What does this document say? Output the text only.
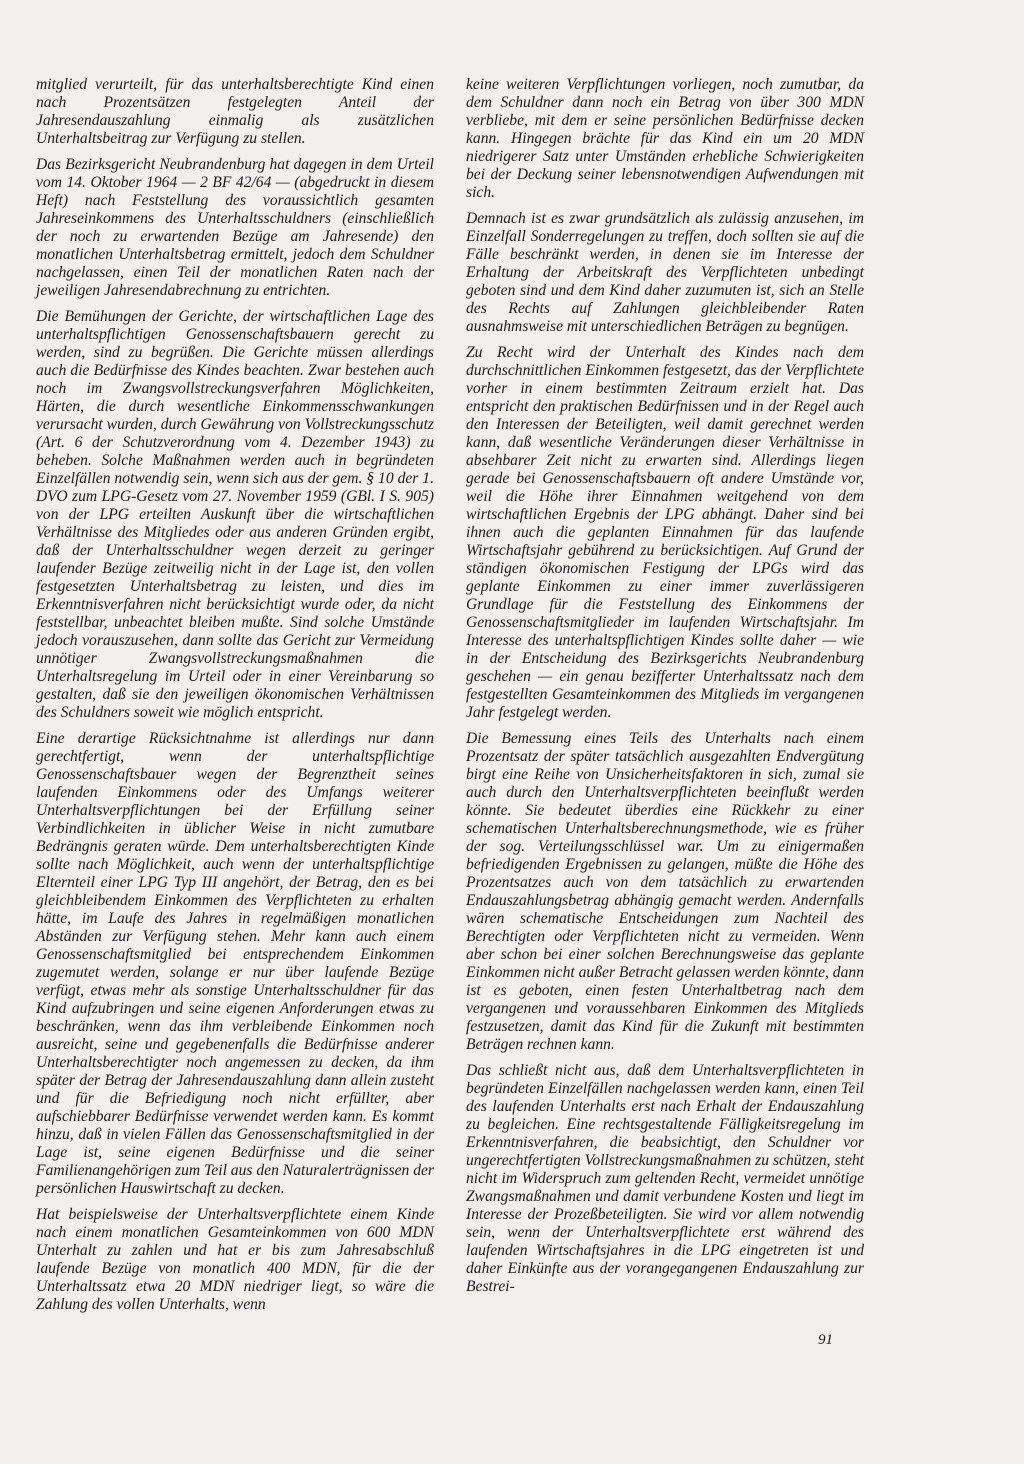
mitglied verurteilt, für das unterhaltsberechtigte Kind einen nach Prozentsätzen festgelegten Anteil der Jahresendauszahlung einmalig als zusätzlichen Unterhaltsbeitrag zur Verfügung zu stellen.

Das Bezirksgericht Neubrandenburg hat dagegen in dem Urteil vom 14. Oktober 1964 — 2 BF 42/64 — (abgedruckt in diesem Heft) nach Feststellung des voraussichtlich gesamten Jahreseinkommens des Unterhaltsschuldners (einschließlich der noch zu erwartenden Bezüge am Jahresende) den monatlichen Unterhaltsbetrag ermittelt, jedoch dem Schuldner nachgelassen, einen Teil der monatlichen Raten nach der jeweiligen Jahresendabrechnung zu entrichten.

Die Bemühungen der Gerichte, der wirtschaftlichen Lage des unterhaltspflichtigen Genossenschaftsbauern gerecht zu werden, sind zu begrüßen. Die Gerichte müssen allerdings auch die Bedürfnisse des Kindes beachten. Zwar bestehen auch noch im Zwangsvollstreckungsverfahren Möglichkeiten, Härten, die durch wesentliche Einkommensschwankungen verursacht wurden, durch Gewährung von Vollstreckungsschutz (Art. 6 der Schutzverordnung vom 4. Dezember 1943) zu beheben. Solche Maßnahmen werden auch in begründeten Einzelfällen notwendig sein, wenn sich aus der gem. § 10 der 1. DVO zum LPG-Gesetz vom 27. November 1959 (GBl. I S. 905) von der LPG erteilten Auskunft über die wirtschaftlichen Verhältnisse des Mitgliedes oder aus anderen Gründen ergibt, daß der Unterhaltsschuldner wegen derzeit zu geringer laufender Bezüge zeitweilig nicht in der Lage ist, den vollen festgesetzten Unterhaltsbetrag zu leisten, und dies im Erkenntnisverfahren nicht berücksichtigt wurde oder, da nicht feststellbar, unbeachtet bleiben mußte. Sind solche Umstände jedoch vorauszusehen, dann sollte das Gericht zur Vermeidung unnötiger Zwangsvollstreckungsmaßnahmen die Unterhaltsregelung im Urteil oder in einer Vereinbarung so gestalten, daß sie den jeweiligen ökonomischen Verhältnissen des Schuldners soweit wie möglich entspricht.

Eine derartige Rücksichtnahme ist allerdings nur dann gerechtfertigt, wenn der unterhaltspflichtige Genossenschaftsbauer wegen der Begrenztheit seines laufenden Einkommens oder des Umfangs weiterer Unterhaltsverpflichtungen bei der Erfüllung seiner Verbindlichkeiten in üblicher Weise in nicht zumutbare Bedrängnis geraten würde. Dem unterhaltsberechtigten Kinde sollte nach Möglichkeit, auch wenn der unterhaltspflichtige Elternteil einer LPG Typ III angehört, der Betrag, den es bei gleichbleibendem Einkommen des Verpflichteten zu erhalten hätte, im Laufe des Jahres in regelmäßigen monatlichen Abständen zur Verfügung stehen. Mehr kann auch einem Genossenschaftsmitglied bei entsprechendem Einkommen zugemutet werden, solange er nur über laufende Bezüge verfügt, etwas mehr als sonstige Unterhaltsschuldner für das Kind aufzubringen und seine eigenen Anforderungen etwas zu beschränken, wenn das ihm verbleibende Einkommen noch ausreicht, seine und gegebenenfalls die Bedürfnisse anderer Unterhaltsberechtigter noch angemessen zu decken, da ihm später der Betrag der Jahresendauszahlung dann allein zusteht und für die Befriedigung noch nicht erfüllter, aber aufschiebbarer Bedürfnisse verwendet werden kann. Es kommt hinzu, daß in vielen Fällen das Genossenschaftsmitglied in der Lage ist, seine eigenen Bedürfnisse und die seiner Familienangehörigen zum Teil aus den Naturalerträgnissen der persönlichen Hauswirtschaft zu decken.

Hat beispielsweise der Unterhaltsverpflichtete einem Kinde nach einem monatlichen Gesamteinkommen von 600 MDN Unterhalt zu zahlen und hat er bis zum Jahresabschluß laufende Bezüge von monatlich 400 MDN, für die der Unterhaltssatz etwa 20 MDN niedriger liegt, so wäre die Zahlung des vollen Unterhalts, wenn

keine weiteren Verpflichtungen vorliegen, noch zumutbar, da dem Schuldner dann noch ein Betrag von über 300 MDN verbliebe, mit dem er seine persönlichen Bedürfnisse decken kann. Hingegen brächte für das Kind ein um 20 MDN niedrigerer Satz unter Umständen erhebliche Schwierigkeiten bei der Deckung seiner lebensnotwendigen Aufwendungen mit sich.

Demnach ist es zwar grundsätzlich als zulässig anzusehen, im Einzelfall Sonderregelungen zu treffen, doch sollten sie auf die Fälle beschränkt werden, in denen sie im Interesse der Erhaltung der Arbeitskraft des Verpflichteten unbedingt geboten sind und dem Kind daher zuzumuten ist, sich an Stelle des Rechts auf Zahlungen gleichbleibender Raten ausnahmsweise mit unterschiedlichen Beträgen zu begnügen.

Zu Recht wird der Unterhalt des Kindes nach dem durchschnittlichen Einkommen festgesetzt, das der Verpflichtete vorher in einem bestimmten Zeitraum erzielt hat. Das entspricht den praktischen Bedürfnissen und in der Regel auch den Interessen der Beteiligten, weil damit gerechnet werden kann, daß wesentliche Veränderungen dieser Verhältnisse in absehbarer Zeit nicht zu erwarten sind. Allerdings liegen gerade bei Genossenschaftsbauern oft andere Umstände vor, weil die Höhe ihrer Einnahmen weitgehend von dem wirtschaftlichen Ergebnis der LPG abhängt. Daher sind bei ihnen auch die geplanten Einnahmen für das laufende Wirtschaftsjahr gebührend zu berücksichtigen. Auf Grund der ständigen ökonomischen Festigung der LPGs wird das geplante Einkommen zu einer immer zuverlässigeren Grundlage für die Feststellung des Einkommens der Genossenschaftsmitglieder im laufenden Wirtschaftsjahr. Im Interesse des unterhaltspflichtigen Kindes sollte daher — wie in der Entscheidung des Bezirksgerichts Neubrandenburg geschehen — ein genau bezifferter Unterhaltssatz nach dem festgestellten Gesamteinkommen des Mitglieds im vergangenen Jahr festgelegt werden.

Die Bemessung eines Teils des Unterhalts nach einem Prozentsatz der später tatsächlich ausgezahlten Endvergütung birgt eine Reihe von Unsicherheitsfaktoren in sich, zumal sie auch durch den Unterhaltsverpflichteten beeinflußt werden könnte. Sie bedeutet überdies eine Rückkehr zu einer schematischen Unterhaltsberechnungsmethode, wie es früher der sog. Verteilungsschlüssel war. Um zu einigermaßen befriedigenden Ergebnissen zu gelangen, müßte die Höhe des Prozentsatzes auch von dem tatsächlich zu erwartenden Endauszahlungsbetrag abhängig gemacht werden. Andernfalls wären schematische Entscheidungen zum Nachteil des Berechtigten oder Verpflichteten nicht zu vermeiden. Wenn aber schon bei einer solchen Berechnungsweise das geplante Einkommen nicht außer Betracht gelassen werden könnte, dann ist es geboten, einen festen Unterhaltbetrag nach dem vergangenen und voraussehbaren Einkommen des Mitglieds festzusetzen, damit das Kind für die Zukunft mit bestimmten Beträgen rechnen kann.

Das schließt nicht aus, daß dem Unterhaltsverpflichteten in begründeten Einzelfällen nachgelassen werden kann, einen Teil des laufenden Unterhalts erst nach Erhalt der Endauszahlung zu begleichen. Eine rechtsgestaltende Fälligkeitsregelung im Erkenntnisverfahren, die beabsichtigt, den Schuldner vor ungerechtfertigten Vollstreckungsmaßnahmen zu schützen, steht nicht im Widerspruch zum geltenden Recht, vermeidet unnötige Zwangsmaßnahmen und damit verbundene Kosten und liegt im Interesse der Prozeßbeteiligten. Sie wird vor allem notwendig sein, wenn der Unterhaltsverpflichtete erst während des laufenden Wirtschaftsjahres in die LPG eingetreten ist und daher Einkünfte aus der vorangegangenen Endauszahlung zur Bestrei-

91
